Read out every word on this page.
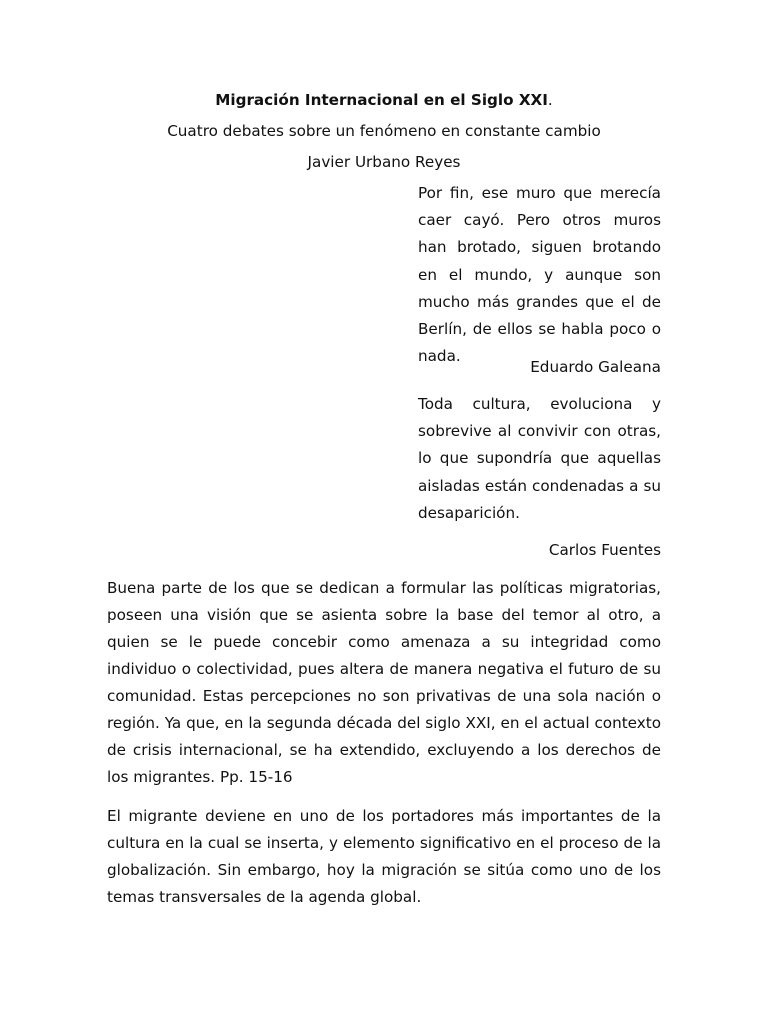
Migración Internacional en el Siglo XXI.
Cuatro debates sobre un fenómeno en constante cambio
Javier Urbano Reyes
Por fin, ese muro que merecía caer cayó. Pero otros muros han brotado, siguen brotando en el mundo, y aunque son mucho más grandes que el de Berlín, de ellos se habla poco o nada.
Eduardo Galeana
Toda cultura, evoluciona y sobrevive al convivir con otras, lo que supondría que aquellas aisladas están condenadas a su desaparición.
Carlos Fuentes
Buena parte de los que se dedican a formular las políticas migratorias, poseen una visión que se asienta sobre la base del temor al otro, a quien se le puede concebir como amenaza a su integridad como individuo o colectividad, pues altera de manera negativa el futuro de su comunidad. Estas percepciones no son privativas de una sola nación o región. Ya que, en la segunda década del siglo XXI, en el actual contexto de crisis internacional, se ha extendido, excluyendo a los derechos de los migrantes. Pp. 15-16
El migrante deviene en uno de los portadores más importantes de la cultura en la cual se inserta, y elemento significativo en el proceso de la globalización. Sin embargo, hoy la migración se sitúa como uno de los temas transversales de la agenda global.
